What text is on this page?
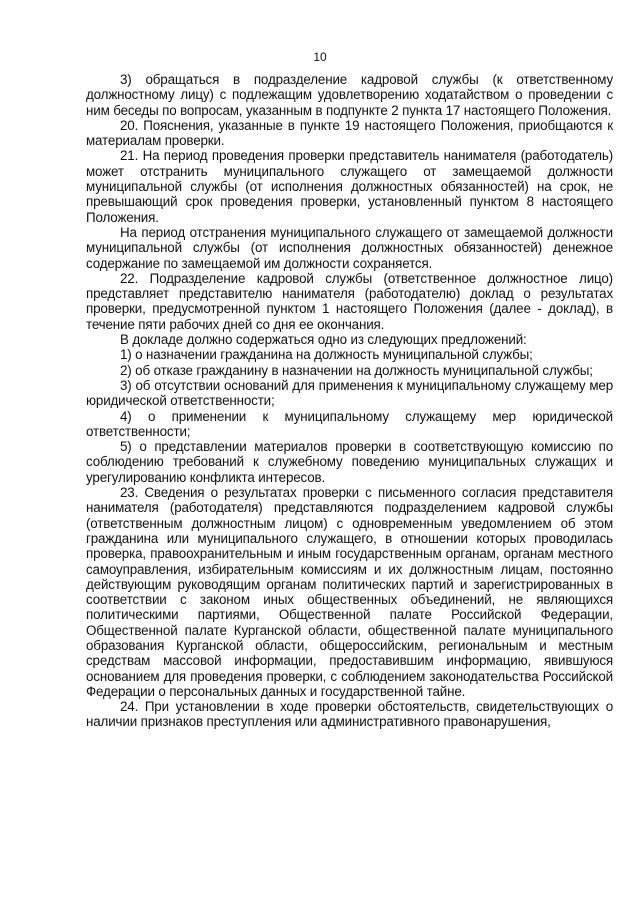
10

3) обращаться в подразделение кадровой службы (к ответственному должностному лицу) с подлежащим удовлетворению ходатайством о проведении с ним беседы по вопросам, указанным в подпункте 2 пункта 17 настоящего Положения.

20. Пояснения, указанные в пункте 19 настоящего Положения, приобщаются к материалам проверки.

21. На период проведения проверки представитель нанимателя (работодатель) может отстранить муниципального служащего от замещаемой должности муниципальной службы (от исполнения должностных обязанностей) на срок, не превышающий срок проведения проверки, установленный пунктом 8 настоящего Положения.

На период отстранения муниципального служащего от замещаемой должности муниципальной службы (от исполнения должностных обязанностей) денежное содержание по замещаемой им должности сохраняется.

22. Подразделение кадровой службы (ответственное должностное лицо) представляет представителю нанимателя (работодателю) доклад о результатах проверки, предусмотренной пунктом 1 настоящего Положения (далее - доклад), в течение пяти рабочих дней со дня ее окончания.

В докладе должно содержаться одно из следующих предложений:

1) о назначении гражданина на должность муниципальной службы;

2) об отказе гражданину в назначении на должность муниципальной службы;

3) об отсутствии оснований для применения к муниципальному служащему мер юридической ответственности;

4) о применении к муниципальному служащему мер юридической ответственности;

5) о представлении материалов проверки в соответствующую комиссию по соблюдению требований к служебному поведению муниципальных служащих и урегулированию конфликта интересов.

23. Сведения о результатах проверки с письменного согласия представителя нанимателя (работодателя) представляются подразделением кадровой службы (ответственным должностным лицом) с одновременным уведомлением об этом гражданина или муниципального служащего, в отношении которых проводилась проверка, правоохранительным и иным государственным органам, органам местного самоуправления, избирательным комиссиям и их должностным лицам, постоянно действующим руководящим органам политических партий и зарегистрированных в соответствии с законом иных общественных объединений, не являющихся политическими партиями, Общественной палате Российской Федерации, Общественной палате Курганской области, общественной палате муниципального образования Курганской области, общероссийским, региональным и местным средствам массовой информации, предоставившим информацию, явившуюся основанием для проведения проверки, с соблюдением законодательства Российской Федерации о персональных данных и государственной тайне.

24. При установлении в ходе проверки обстоятельств, свидетельствующих о наличии признаков преступления или административного правонарушения,
